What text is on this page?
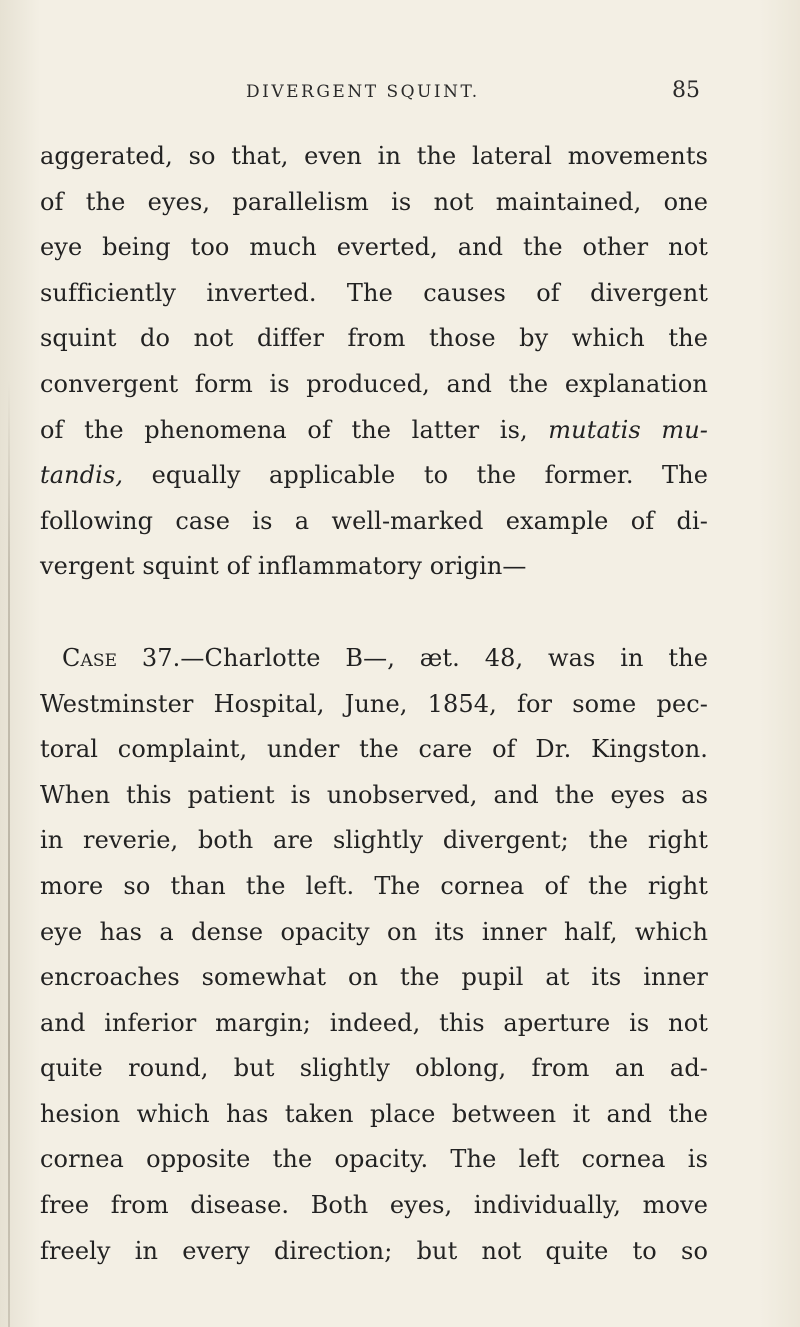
DIVERGENT SQUINT.	85
aggerated, so that, even in the lateral movements
of the eyes, parallelism is not maintained, one
eye being too much everted, and the other not
sufficiently inverted. The causes of divergent
squint do not differ from those by which the
convergent form is produced, and the explanation
of the phenomena of the latter is, mutatis mu-
tandis, equally applicable to the former. The
following case is a well-marked example of di-
vergent squint of inflammatory origin—
Case 37.—Charlotte B—, æt. 48, was in the
Westminster Hospital, June, 1854, for some pec-
toral complaint, under the care of Dr. Kingston.
When this patient is unobserved, and the eyes as
in reverie, both are slightly divergent; the right
more so than the left. The cornea of the right
eye has a dense opacity on its inner half, which
encroaches somewhat on the pupil at its inner
and inferior margin; indeed, this aperture is not
quite round, but slightly oblong, from an ad-
hesion which has taken place between it and the
cornea opposite the opacity. The left cornea is
free from disease. Both eyes, individually, move
freely in every direction; but not quite to so
